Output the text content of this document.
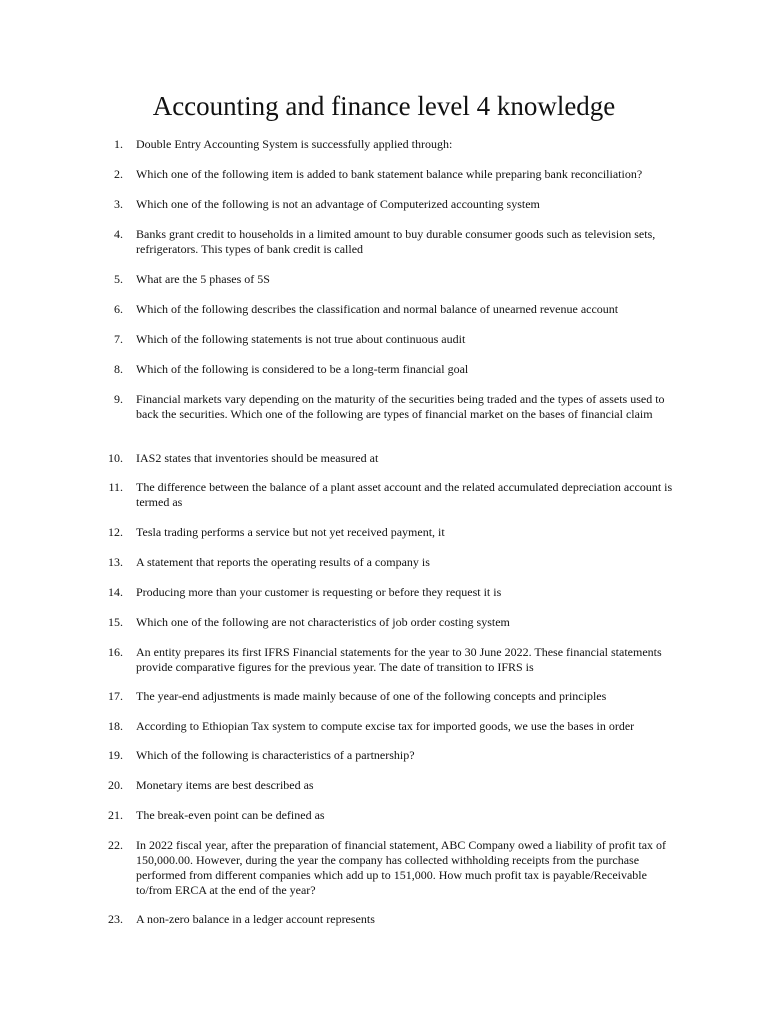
Accounting and finance level 4 knowledge
1. Double Entry Accounting System is successfully applied through:
2. Which one of the following item is added to bank statement balance while preparing bank reconciliation?
3. Which one of the following is not an advantage of Computerized accounting system
4. Banks grant credit to households in a limited amount to buy durable consumer goods such as television sets, refrigerators. This types of bank credit is called
5. What are the 5 phases of 5S
6. Which of the following describes the classification and normal balance of unearned revenue account
7. Which of the following statements is not true about continuous audit
8. Which of the following is considered to be a long-term financial goal
9. Financial markets vary depending on the maturity of the securities being traded and the types of assets used to back the securities. Which one of the following are types of financial market on the bases of financial claim
10. IAS2 states that inventories should be measured at
11. The difference between the balance of a plant asset account and the related accumulated depreciation account is termed as
12. Tesla trading performs a service but not yet received payment, it
13. A statement that reports the operating results of a company is
14. Producing more than your customer is requesting or before they request it is
15. Which one of the following are not characteristics of job order costing system
16. An entity prepares its first IFRS Financial statements for the year to 30 June 2022. These financial statements provide comparative figures for the previous year. The date of transition to IFRS is
17. The year-end adjustments is made mainly because of one of the following concepts and principles
18. According to Ethiopian Tax system to compute excise tax for imported goods, we use the bases in order
19. Which of the following is characteristics of a partnership?
20. Monetary items are best described as
21. The break-even point can be defined as
22. In 2022 fiscal year, after the preparation of financial statement, ABC Company owed a liability of profit tax of 150,000.00. However, during the year the company has collected withholding receipts from the purchase performed from different companies which add up to 151,000. How much profit tax is payable/Receivable to/from ERCA at the end of the year?
23. A non-zero balance in a ledger account represents
